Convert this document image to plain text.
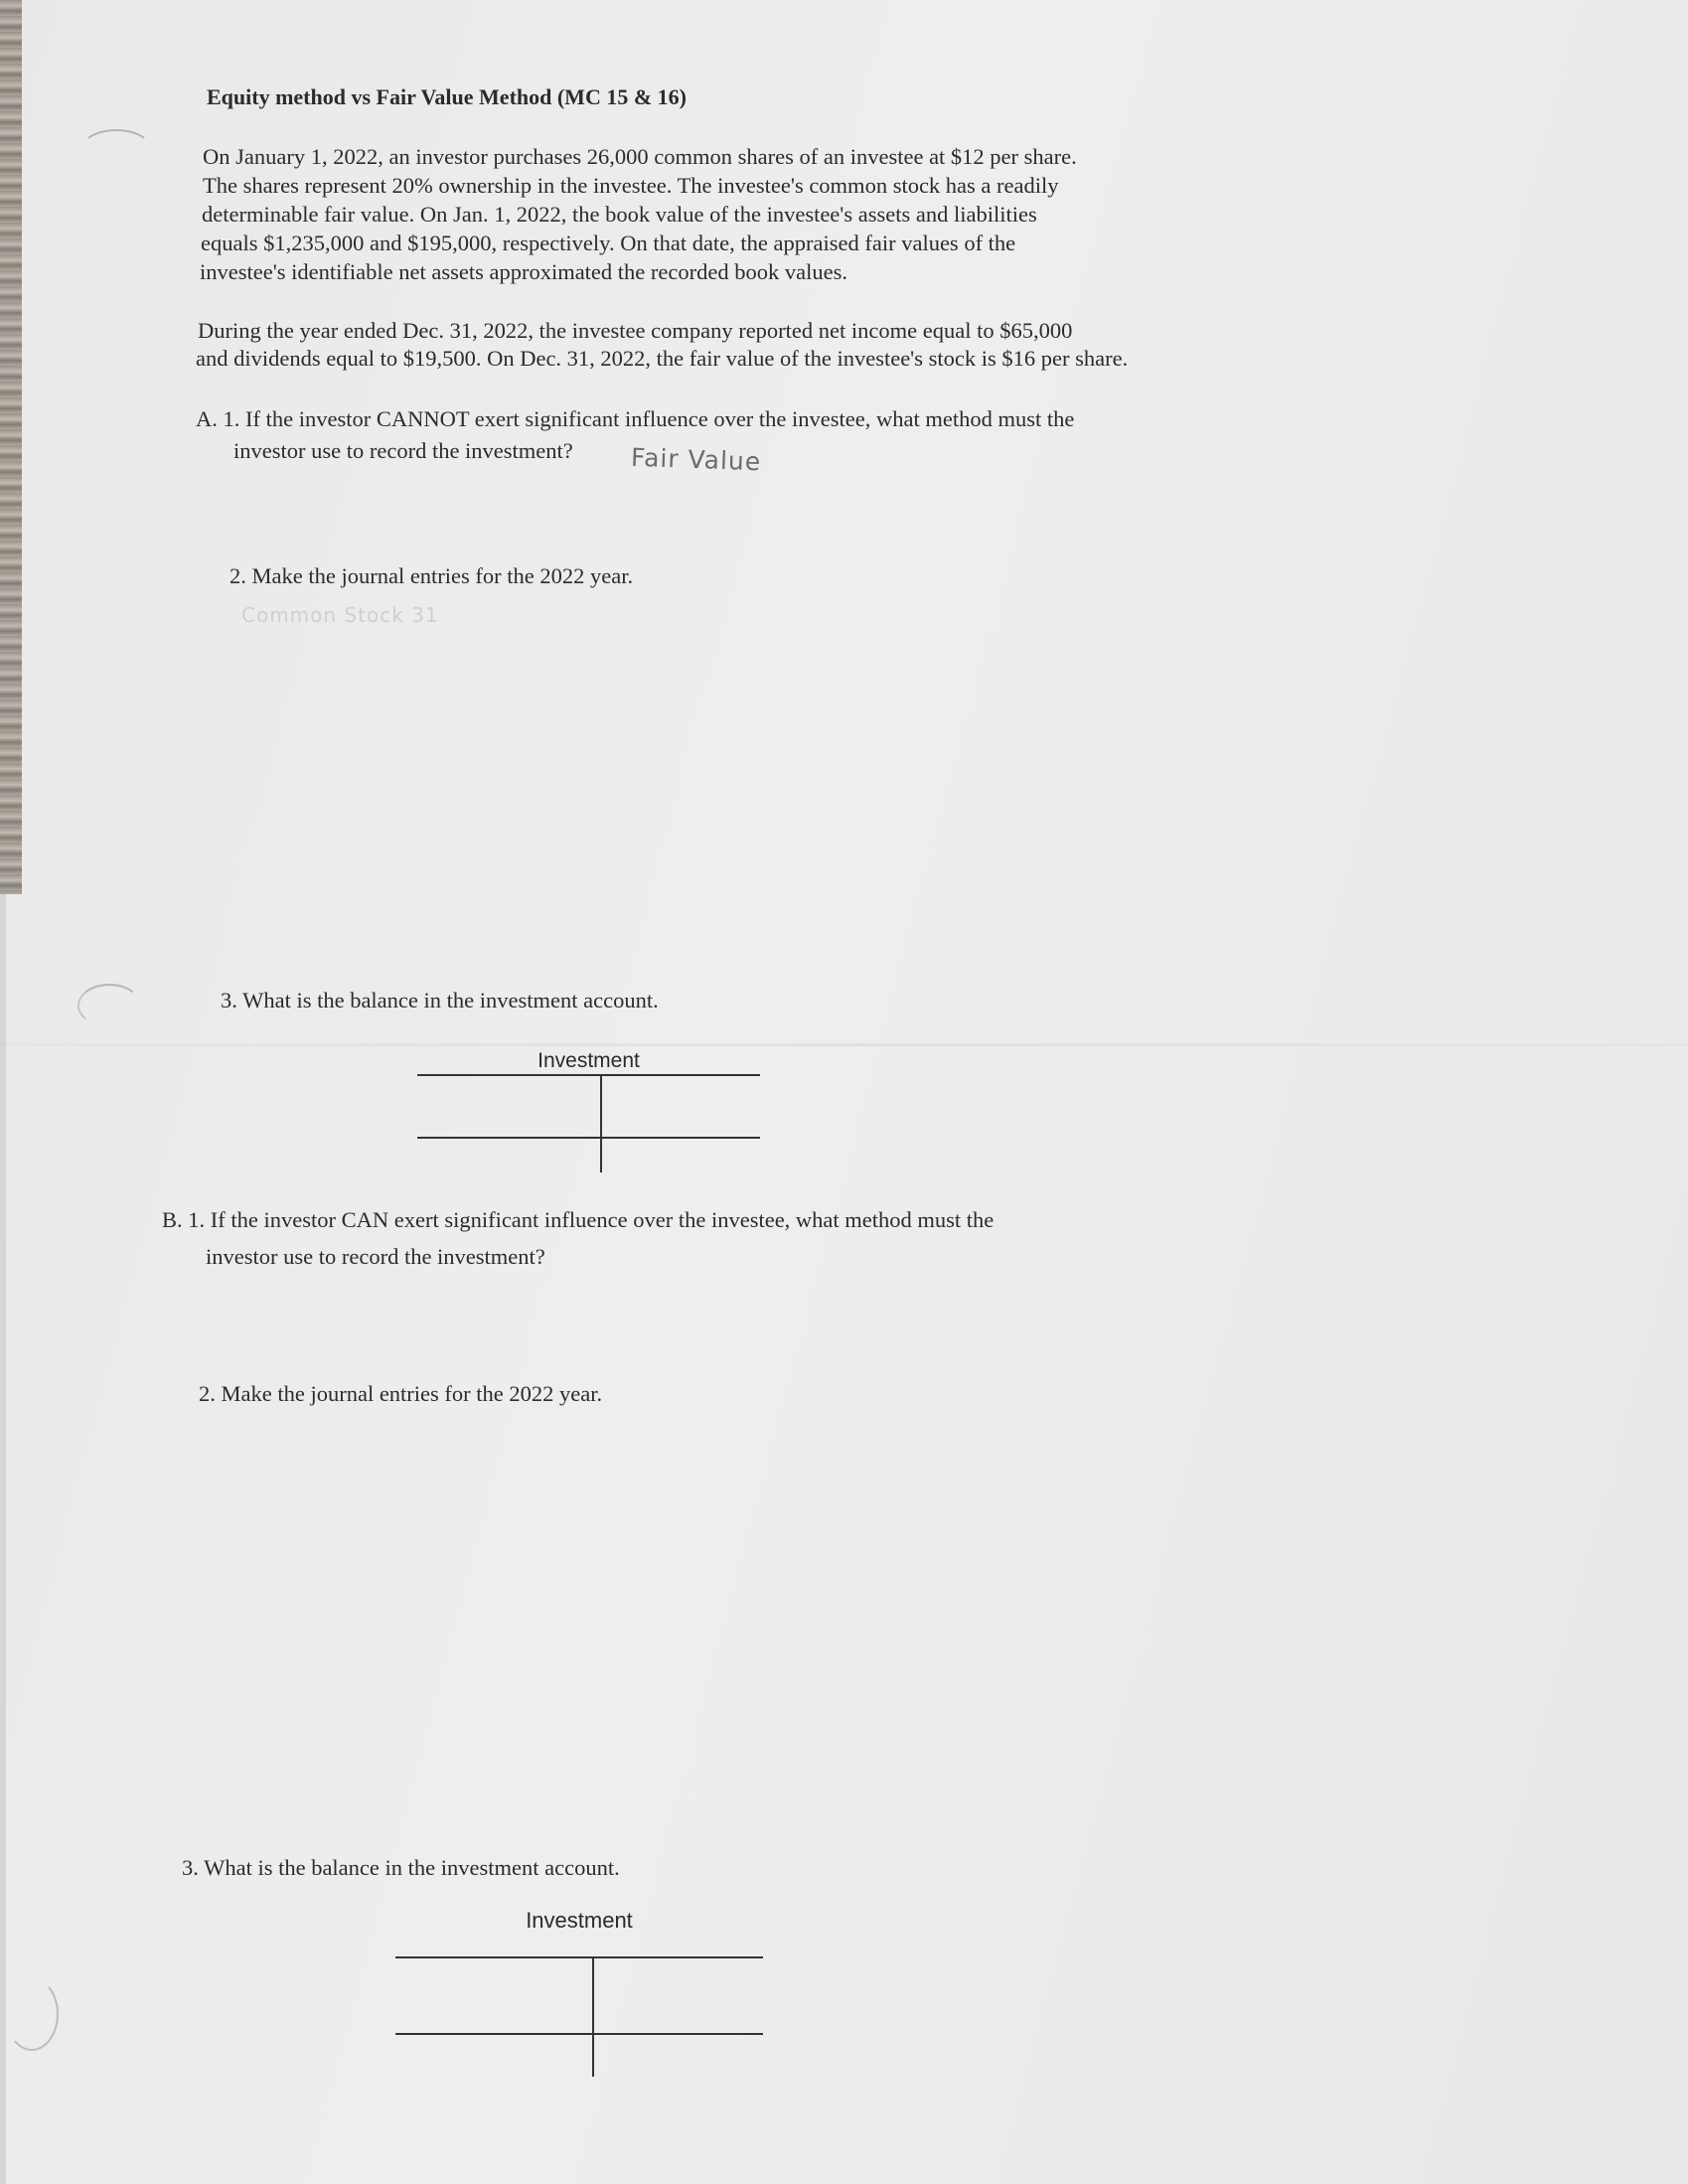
Equity method vs Fair Value Method (MC 15 & 16)

On January 1, 2022, an investor purchases 26,000 common shares of an investee at $12 per share.

The shares represent 20% ownership in the investee. The investee's common stock has a readily

determinable fair value. On Jan. 1, 2022, the book value of the investee's assets and liabilities

equals $1,235,000 and $195,000, respectively. On that date, the appraised fair values of the

investee's identifiable net assets approximated the recorded book values.

During the year ended Dec. 31, 2022, the investee company reported net income equal to $65,000

and dividends equal to $19,500. On Dec. 31, 2022, the fair value of the investee's stock is $16 per share.

A. 1. If the investor CANNOT exert significant influence over the investee, what method must the

investor use to record the investment? Fair Value

2. Make the journal entries for the 2022 year.

Common Stock 31

3. What is the balance in the investment account.

Investment

B. 1. If the investor CAN exert significant influence over the investee, what method must the

investor use to record the investment?

2. Make the journal entries for the 2022 year.

3. What is the balance in the investment account.

Investment
